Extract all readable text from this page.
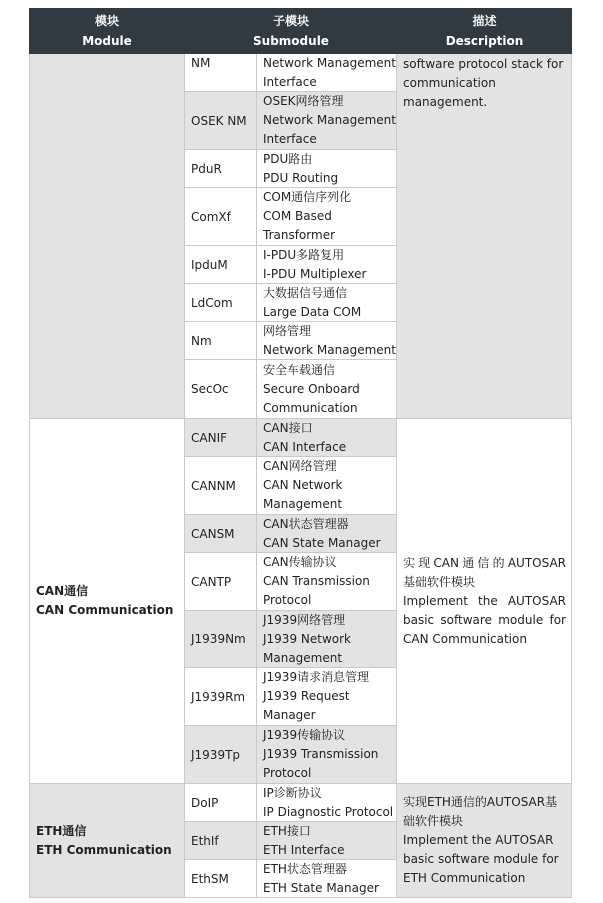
模块
Module
子模块
Submodule
描述
Description
software protocol stack for
communication
management.
NM	Network Management
Interface
OSEK NM
OSEK网络管理
Network Management
Interface
PduR
PDU路由
PDU Routing
ComXf
COM通信序列化
COM Based
Transformer
IpduM
I-PDU多路复用
I-PDU Multiplexer
LdCom
大数据信号通信
Large Data COM
Nm
网络管理
Network Management
SecOc
安全车载通信
Secure Onboard
Communication
CAN通信
CAN Communication
实现CAN通信的AUTOSAR
基础软件模块
Implement the AUTOSAR
basic software module for
CAN Communication
CANIF
CAN接口
CAN Interface
CANNM
CAN网络管理
CAN Network
Management
CANSM
CAN状态管理器
CAN State Manager
CANTP
CAN传输协议
CAN Transmission
Protocol
J1939Nm
J1939网络管理
J1939 Network
Management
J1939Rm
J1939请求消息管理
J1939 Request
Manager
J1939Tp
J1939传输协议
J1939 Transmission
Protocol
ETH通信
ETH Communication
实现ETH通信的AUTOSAR基
础软件模块
Implement the AUTOSAR
basic software module for
ETH Communication
DoIP
IP诊断协议
IP Diagnostic Protocol
EthIf
ETH接口
ETH Interface
EthSM
ETH状态管理器
ETH State Manager
